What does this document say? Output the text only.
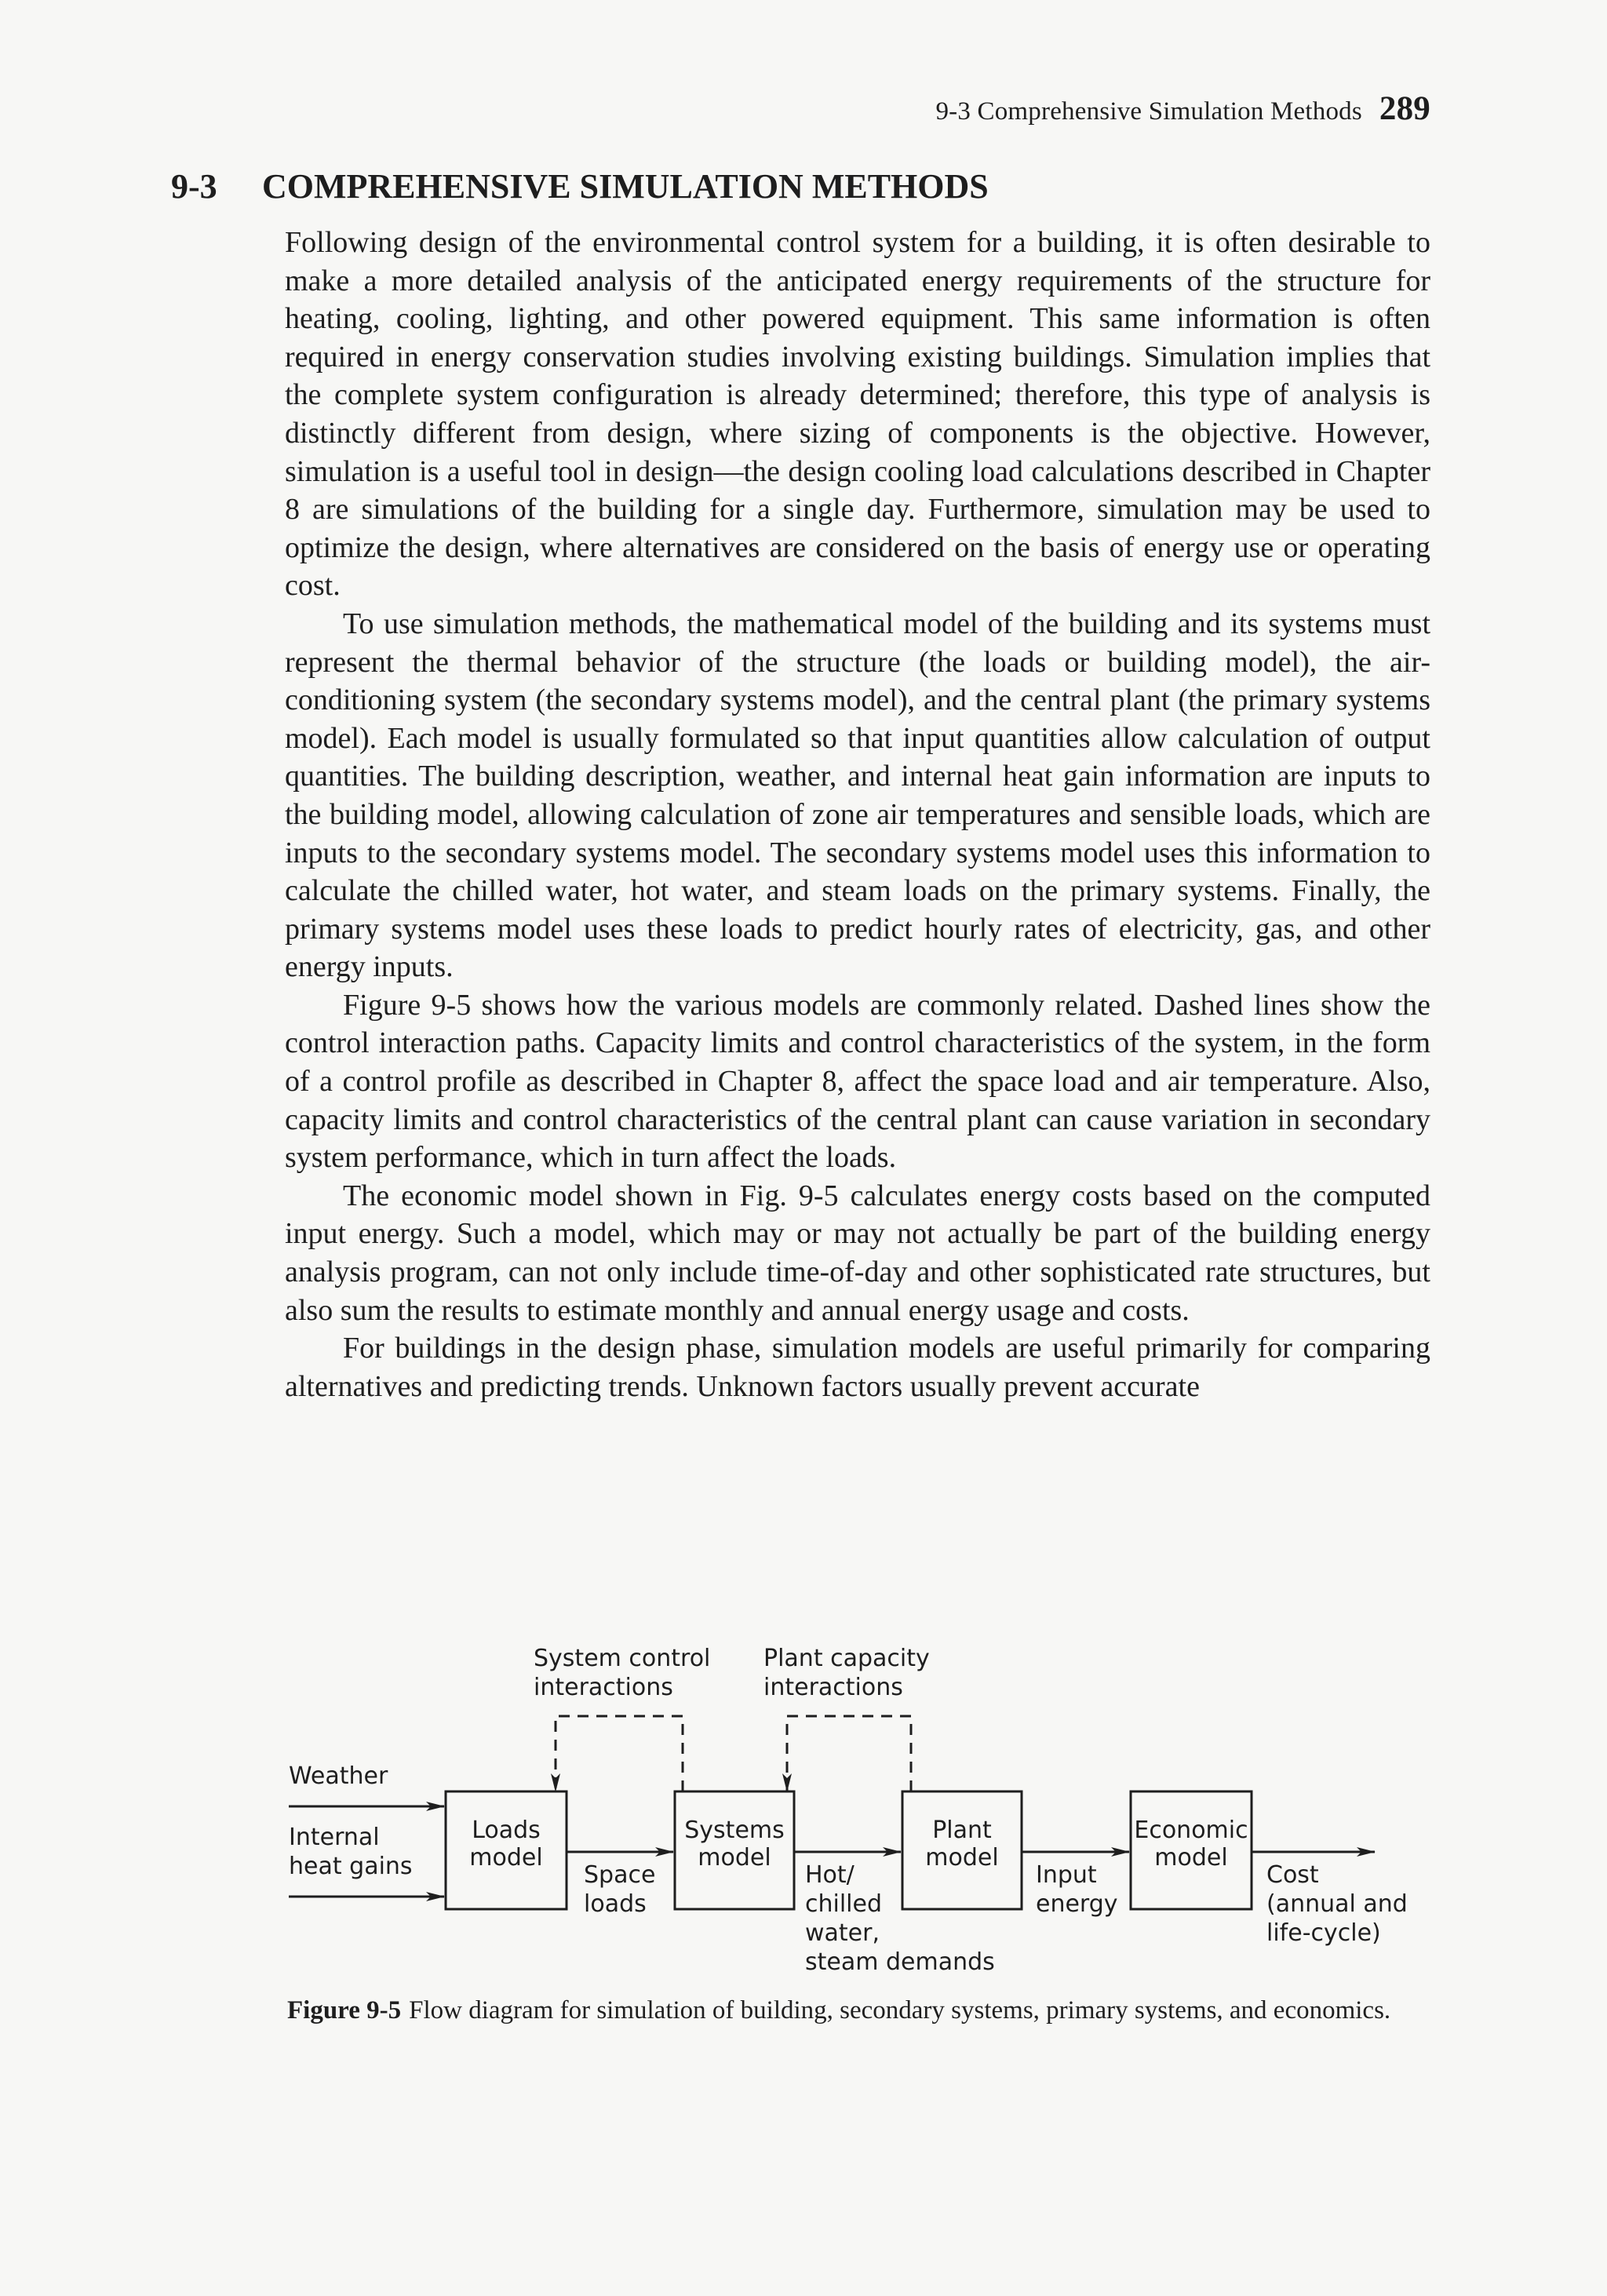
9-3 Comprehensive Simulation Methods 289
9-3 COMPREHENSIVE SIMULATION METHODS

Following design of the environmental control system for a building, it is often desirable to make a more detailed analysis of the anticipated energy requirements of the structure for heating, cooling, lighting, and other powered equipment. This same information is often required in energy conservation studies involving existing buildings. Simulation implies that the complete system configuration is already determined; therefore, this type of analysis is distinctly different from design, where sizing of components is the objective. However, simulation is a useful tool in design—the design cooling load calculations described in Chapter 8 are simulations of the building for a single day. Furthermore, simulation may be used to optimize the design, where alternatives are considered on the basis of energy use or operating cost.

To use simulation methods, the mathematical model of the building and its systems must represent the thermal behavior of the structure (the loads or building model), the air-conditioning system (the secondary systems model), and the central plant (the primary systems model). Each model is usually formulated so that input quantities allow calculation of output quantities. The building description, weather, and internal heat gain information are inputs to the building model, allowing calculation of zone air temperatures and sensible loads, which are inputs to the secondary systems model. The secondary systems model uses this information to calculate the chilled water, hot water, and steam loads on the primary systems. Finally, the primary systems model uses these loads to predict hourly rates of electricity, gas, and other energy inputs.

Figure 9-5 shows how the various models are commonly related. Dashed lines show the control interaction paths. Capacity limits and control characteristics of the system, in the form of a control profile as described in Chapter 8, affect the space load and air temperature. Also, capacity limits and control characteristics of the central plant can cause variation in secondary system performance, which in turn affect the loads.

The economic model shown in Fig. 9-5 calculates energy costs based on the computed input energy. Such a model, which may or may not actually be part of the building energy analysis program, can not only include time-of-day and other sophisticated rate structures, but also sum the results to estimate monthly and annual energy usage and costs.

For buildings in the design phase, simulation models are useful primarily for comparing alternatives and predicting trends. Unknown factors usually prevent accurate

System control
interactions
Plant capacity
interactions
Weather
Internal
heat gains
Loads
model
Systems
model
Plant
model
Economic
model
Space
loads
Hot/
chilled
water,
steam demands
Input
energy
Cost
(annual and
life-cycle)
Figure 9-5 Flow diagram for simulation of building, secondary systems, primary systems, and economics.
